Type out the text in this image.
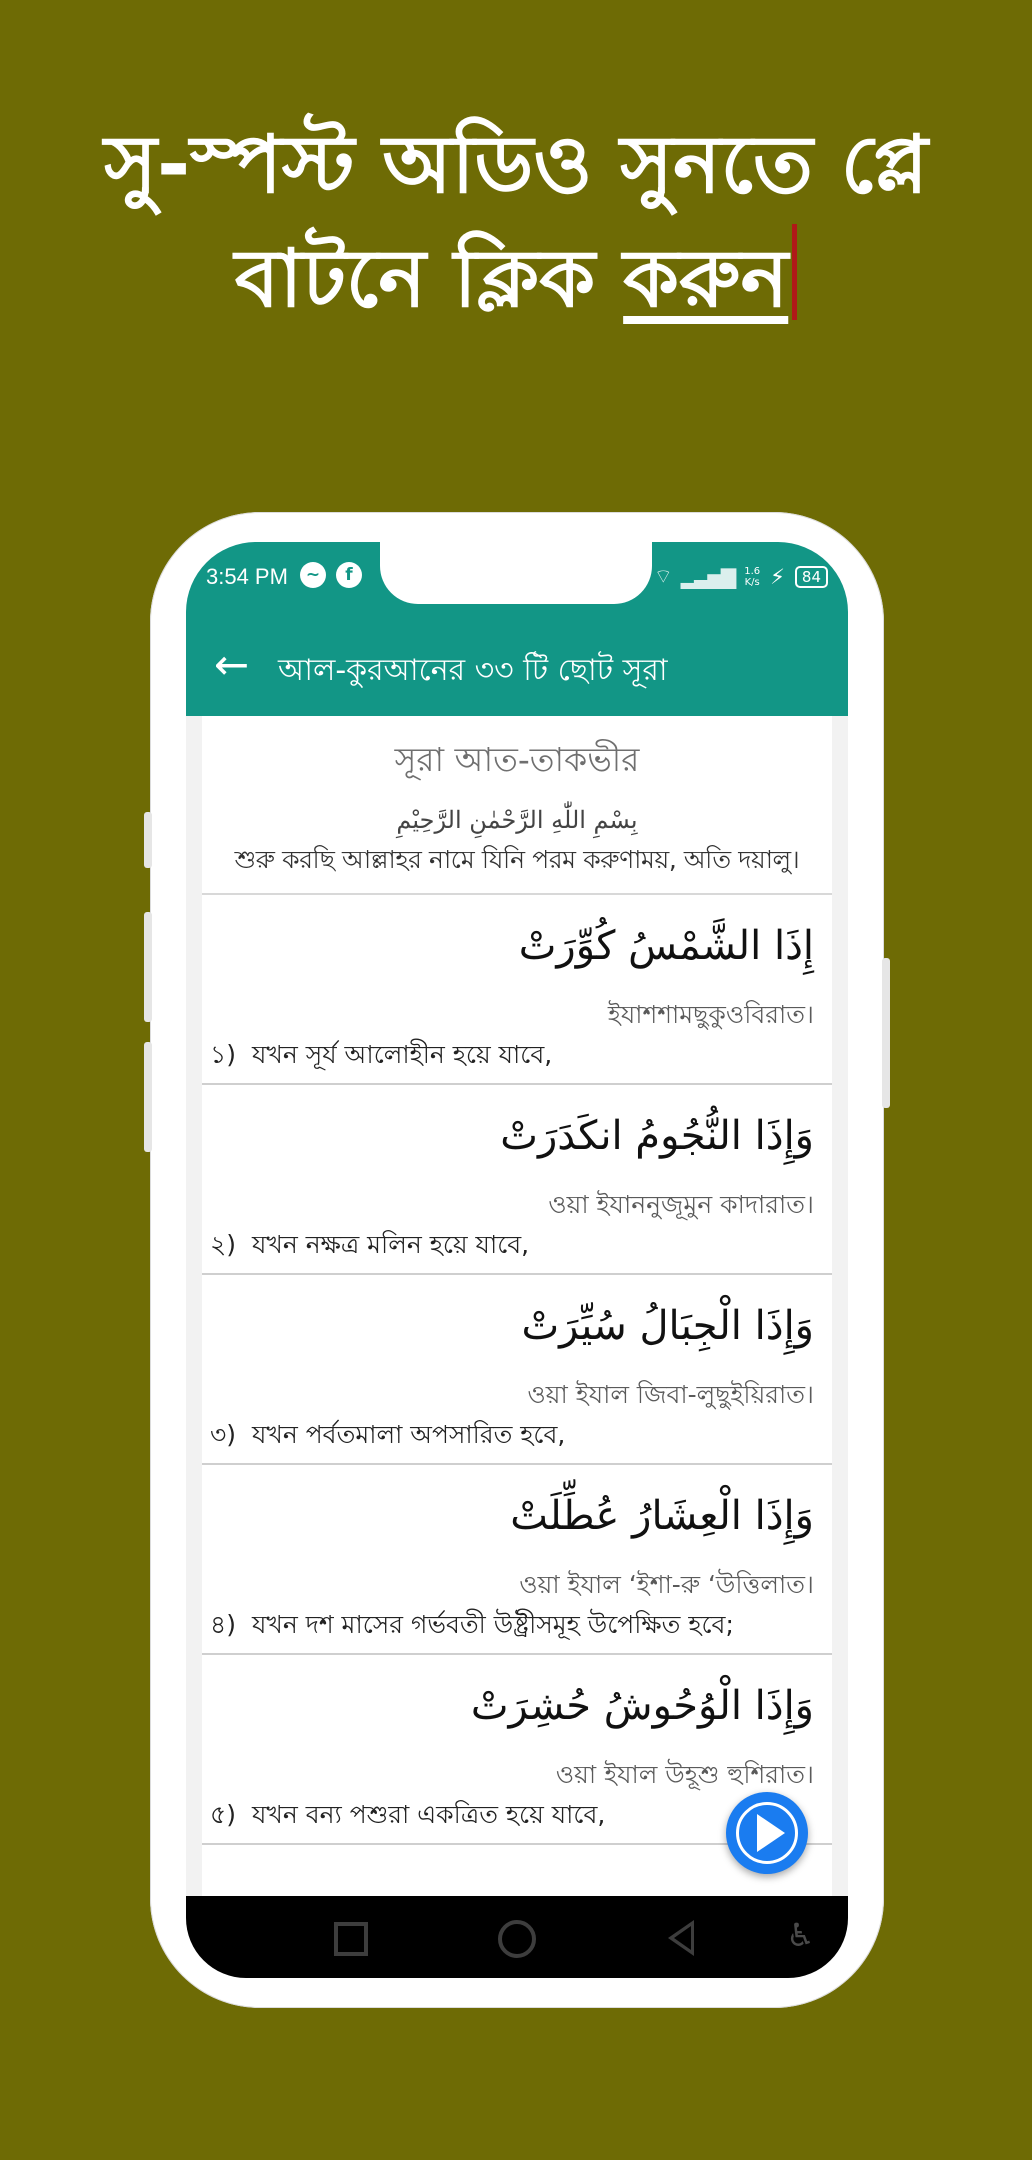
সু-স্পস্ট অডিও সুনতে প্লে
বাটনে ক্লিক করুন
3:54 PM	~	f	⌔ ▂▃▅▇ 1.6
K/s ⚡	84
← আল-কুরআনের ৩৩ টি ছোট সূরা
সূরা আত-তাকভীর
بِسْمِ اللّٰهِ الرَّحْمٰنِ الرَّحِيْمِ
শুরু করছি আল্লাহর নামে যিনি পরম করুণাময়, অতি দয়ালু।
إِذَا الشَّمْسُ كُوِّرَتْ
ইযাশশামছুকুওবিরাত।
১) যখন সূর্য আলোহীন হয়ে যাবে,
وَإِذَا النُّجُومُ انكَدَرَتْ
ওয়া ইযাননুজূমুন কাদারাত।
২) যখন নক্ষত্র মলিন হয়ে যাবে,
وَإِذَا الْجِبَالُ سُيِّرَتْ
ওয়া ইযাল জিবা-লুছুইয়িরাত।
৩) যখন পর্বতমালা অপসারিত হবে,
وَإِذَا الْعِشَارُ عُطِّلَتْ
ওয়া ইযাল ‘ইশা-রু ‘উত্তিলাত।
৪) যখন দশ মাসের গর্ভবতী উষ্ট্রীসমূহ উপেক্ষিত হবে;
وَإِذَا الْوُحُوشُ حُشِرَتْ
ওয়া ইযাল উহূশু হুশিরাত।
৫) যখন বন্য পশুরা একত্রিত হয়ে যাবে,
♿
